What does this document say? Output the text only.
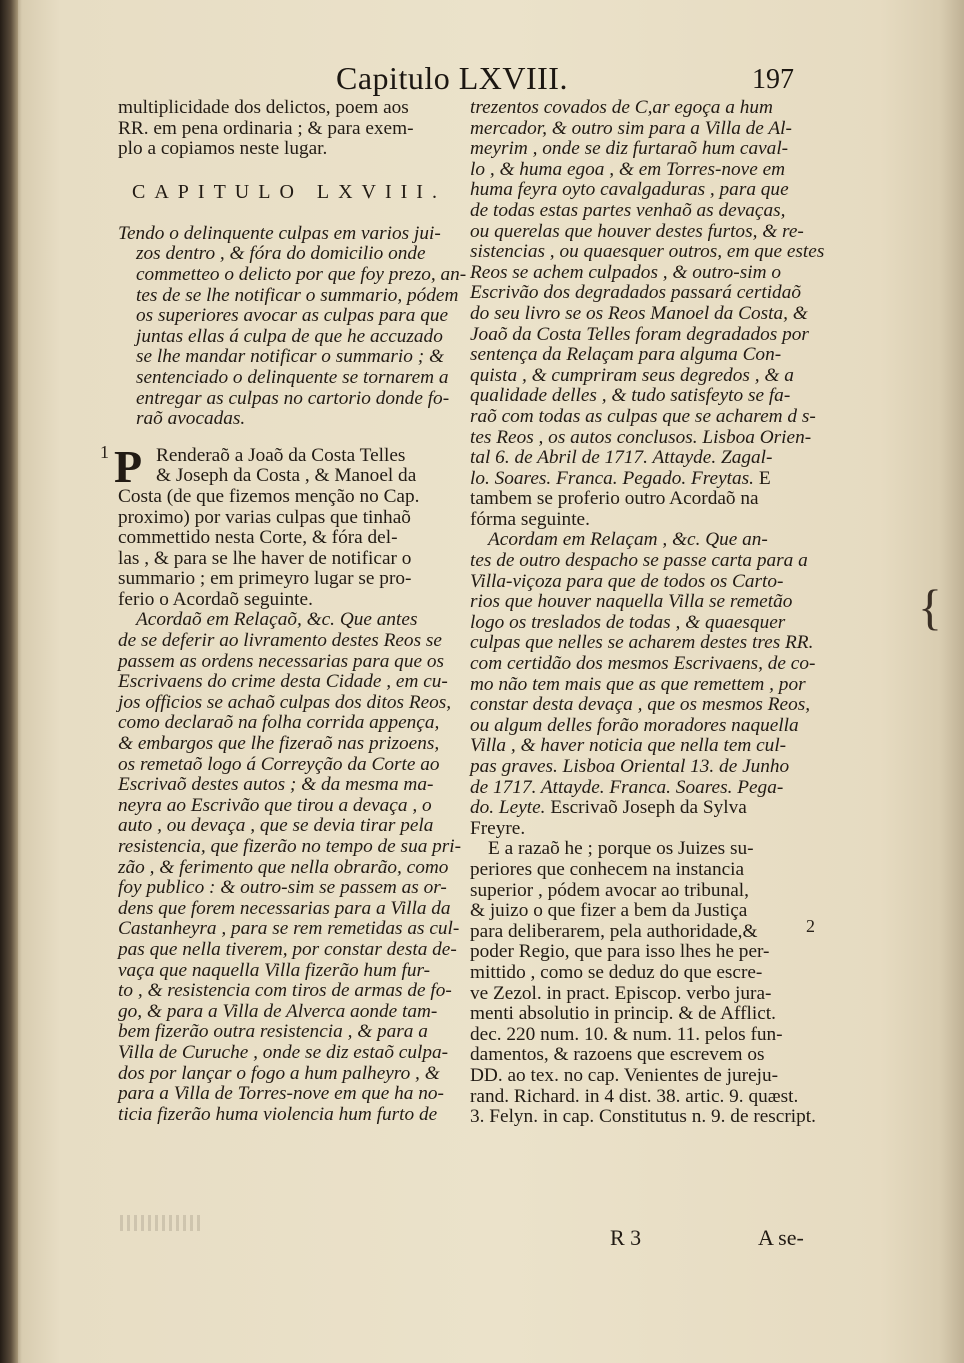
Capitulo LXVIII.	197
multiplicidade dos delictos, poem aos
RR. em pena ordinaria ; & para exem-
plo a copiamos neste lugar.
CAPITULO LXVIII.
Tendo o delinquente culpas em varios jui-
zos dentro , & fóra do domicilio onde
commetteo o delicto por que foy prezo, an-
tes de se lhe notificar o summario, pódem
os superiores avocar as culpas para que
juntas ellas á culpa de que he accuzado
se lhe mandar notificar o summario ; &
sentenciado o delinquente se tornarem a
entregar as culpas no cartorio donde fo-
raõ avocadas.
P Renderaõ a Joaõ da Costa Telles
& Joseph da Costa , & Manoel da
Costa (de que fizemos menção no Cap.
proximo) por varias culpas que tinhaõ
commettido nesta Corte, & fóra del-
las , & para se lhe haver de notificar o
summario ; em primeyro lugar se pro-
ferio o Acordaõ seguinte.
Acordaõ em Relaçaõ, &c. Que antes
de se deferir ao livramento destes Reos se
passem as ordens necessarias para que os
Escrivaens do crime desta Cidade , em cu-
jos officios se achaõ culpas dos ditos Reos,
como declaraõ na folha corrida appença,
& embargos que lhe fizeraõ nas prizoens,
os remetaõ logo á Correyção da Corte ao
Escrivaõ destes autos ; & da mesma ma-
neyra ao Escrivão que tirou a devaça , o
auto , ou devaça , que se devia tirar pela
resistencia, que fizerão no tempo de sua pri-
zão , & ferimento que nella obrarão, como
foy publico : & outro-sim se passem as or-
dens que forem necessarias para a Villa da
Castanheyra , para se rem remetidas as cul-
pas que nella tiverem, por constar desta de-
vaça que naquella Villa fizerão hum fur-
to , & resistencia com tiros de armas de fo-
go, & para a Villa de Alverca aonde tam-
bem fizerão outra resistencia , & para a
Villa de Curuche , onde se diz estaõ culpa-
dos por lançar o fogo a hum palheyro , &
para a Villa de Torres-nove em que ha no-
ticia fizerão huma violencia hum furto de
trezentos covados de C,ar egoça a hum
mercador, & outro sim para a Villa de Al-
meyrim , onde se diz furtaraõ hum caval-
lo , & huma egoa , & em Torres-nove em
huma feyra oyto cavalgaduras , para que
de todas estas partes venhaõ as devaças,
ou querelas que houver destes furtos, & re-
sistencias , ou quaesquer outros, em que estes
Reos se achem culpados , & outro-sim o
Escrivão dos degradados passará certidaõ
do seu livro se os Reos Manoel da Costa, &
Joaõ da Costa Telles foram degradados por
sentença da Relaçam para alguma Con-
quista , & cumpriram seus degredos , & a
qualidade delles , & tudo satisfeyto se fa-
raõ com todas as culpas que se acharem d s-
tes Reos , os autos conclusos. Lisboa Orien-
tal 6. de Abril de 1717. Attayde. Zagal-
lo. Soares. Franca. Pegado. Freytas. E
tambem se proferio outro Acordaõ na
fórma seguinte.
Acordam em Relaçam , &c. Que an-
tes de outro despacho se passe carta para a
Villa-viçoza para que de todos os Carto-
rios que houver naquella Villa se remetão
logo os treslados de todas , & quaesquer
culpas que nelles se acharem destes tres RR.
com certidão dos mesmos Escrivaens, de co-
mo não tem mais que as que remettem , por
constar desta devaça , que os mesmos Reos,
ou algum delles forão moradores naquella
Villa , & haver noticia que nella tem cul-
pas graves. Lisboa Oriental 13. de Junho
de 1717. Attayde. Franca. Soares. Pega-
do. Leyte. Escrivaõ Joseph da Sylva
Freyre.
E a razaõ he ; porque os Juizes su-
periores que conhecem na instancia
superior , pódem avocar ao tribunal,
& juizo o que fizer a bem da Justiça
para deliberarem, pela authoridade,&
poder Regio, que para isso lhes he per-
mittido , como se deduz do que escre-
ve Zezol. in pract. Episcop. verbo jura-
menti absolutio in princip. & de Afflict.
dec. 220 num. 10. & num. 11. pelos fun-
damentos, & razoens que escrevem os
DD. ao tex. no cap. Venientes de jureju-
rand. Richard. in 4 dist. 38. artic. 9. quæst.
3. Felyn. in cap. Constitutus n. 9. de rescript.
1
2
{
R 3	A se-
